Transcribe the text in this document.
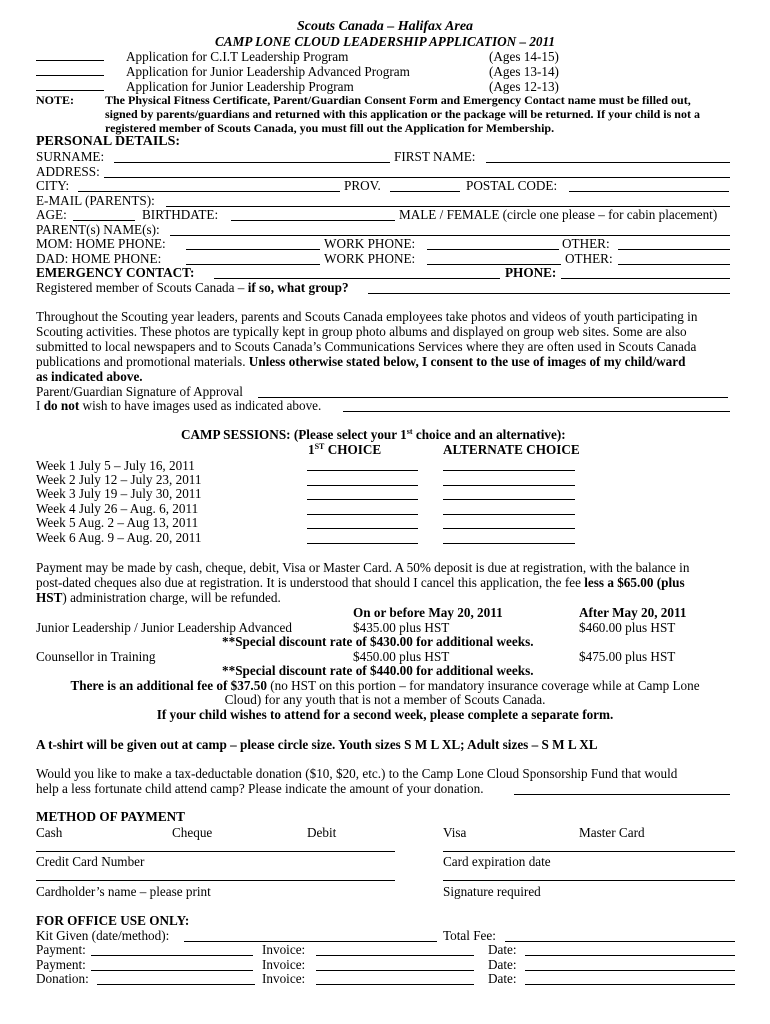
Scouts Canada – Halifax Area
CAMP LONE CLOUD LEADERSHIP APPLICATION – 2011
Application for C.I.T Leadership Program	(Ages 14-15)
Application for Junior Leadership Advanced Program	(Ages 13-14)
Application for Junior Leadership Program	(Ages 12-13)
NOTE:	The Physical Fitness Certificate, Parent/Guardian Consent Form and Emergency Contact name must be filled out,
signed by parents/guardians and returned with this application or the package will be returned. If your child is not a
registered member of Scouts Canada, you must fill out the Application for Membership.
PERSONAL DETAILS:
SURNAME:	FIRST NAME:
ADDRESS:
CITY:	PROV.	POSTAL CODE:
E-MAIL (PARENTS):
AGE:	BIRTHDATE:	MALE / FEMALE (circle one please – for cabin placement)
PARENT(s) NAME(s):
MOM: HOME PHONE:	WORK PHONE:	OTHER:
DAD: HOME PHONE:	WORK PHONE:	OTHER:
EMERGENCY CONTACT:	PHONE:
Registered member of Scouts Canada – if so, what group?
Throughout the Scouting year leaders, parents and Scouts Canada employees take photos and videos of youth participating in
Scouting activities. These photos are typically kept in group photo albums and displayed on group web sites. Some are also
submitted to local newspapers and to Scouts Canada’s Communications Services where they are often used in Scouts Canada
publications and promotional materials. Unless otherwise stated below, I consent to the use of images of my child/ward
as indicated above.
Parent/Guardian Signature of Approval
I do not wish to have images used as indicated above.
CAMP SESSIONS: (Please select your 1st choice and an alternative):
1ST CHOICE	ALTERNATE CHOICE
Week 1 July 5 – July 16, 2011
Week 2 July 12 – July 23, 2011
Week 3 July 19 – July 30, 2011
Week 4 July 26 – Aug. 6, 2011
Week 5 Aug. 2 – Aug 13, 2011
Week 6 Aug. 9 – Aug. 20, 2011
Payment may be made by cash, cheque, debit, Visa or Master Card. A 50% deposit is due at registration, with the balance in
post-dated cheques also due at registration. It is understood that should I cancel this application, the fee less a $65.00 (plus
HST) administration charge, will be refunded.
On or before May 20, 2011	After May 20, 2011
Junior Leadership / Junior Leadership Advanced	$435.00 plus HST	$460.00 plus HST
**Special discount rate of $430.00 for additional weeks.
Counsellor in Training	$450.00 plus HST	$475.00 plus HST
**Special discount rate of $440.00 for additional weeks.
There is an additional fee of $37.50 (no HST on this portion – for mandatory insurance coverage while at Camp Lone
Cloud) for any youth that is not a member of Scouts Canada.
If your child wishes to attend for a second week, please complete a separate form.
A t-shirt will be given out at camp – please circle size. Youth sizes S M L XL; Adult sizes – S M L XL
Would you like to make a tax-deductable donation ($10, $20, etc.) to the Camp Lone Cloud Sponsorship Fund that would
help a less fortunate child attend camp? Please indicate the amount of your donation.
METHOD OF PAYMENT
Cash	Cheque	Debit	Visa	Master Card
Credit Card Number	Card expiration date
Cardholder’s name – please print	Signature required
FOR OFFICE USE ONLY:
Kit Given (date/method):	Total Fee:
Payment:	Invoice:	Date:
Payment:	Invoice:	Date:
Donation:	Invoice:	Date:
